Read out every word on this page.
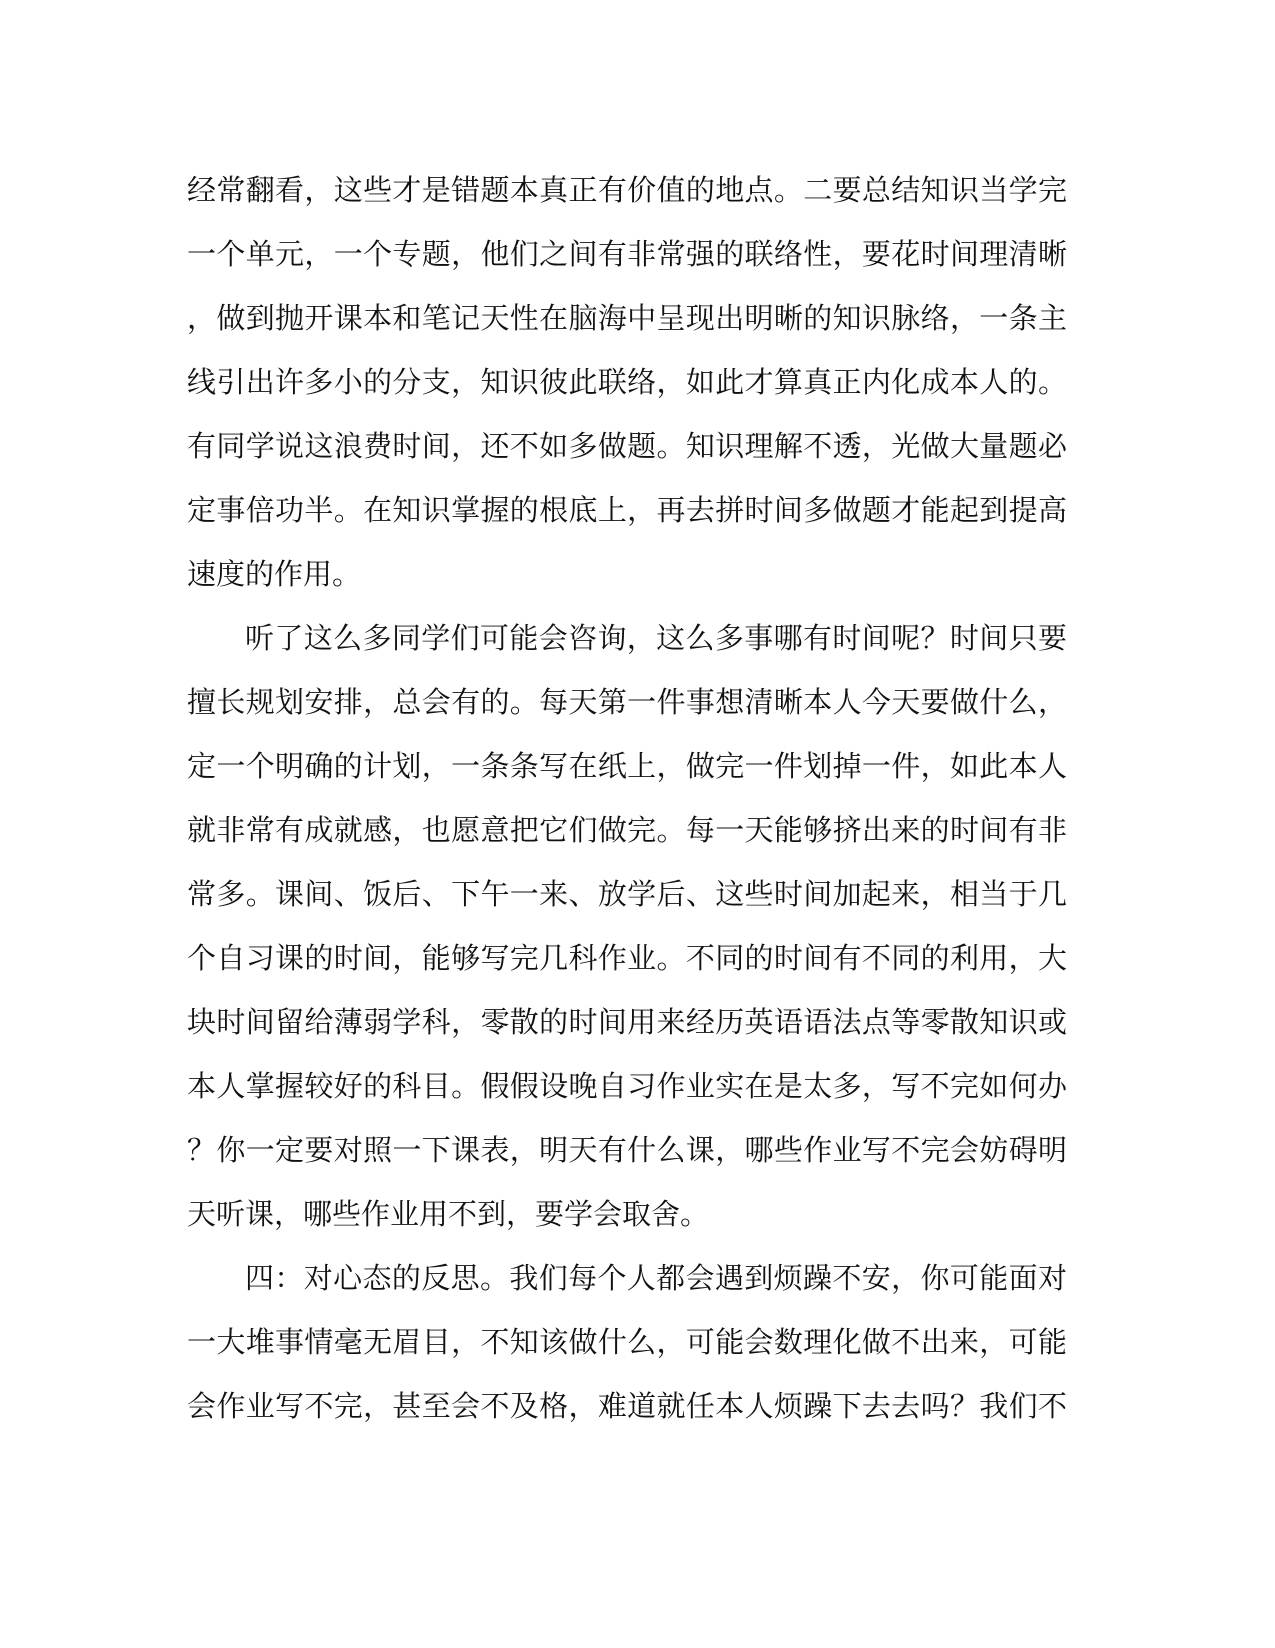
经常翻看，这些才是错题本真正有价值的地点。二要总结知识当学完
一个单元，一个专题，他们之间有非常强的联络性，要花时间理清晰
，做到抛开课本和笔记天性在脑海中呈现出明晰的知识脉络，一条主
线引出许多小的分支，知识彼此联络，如此才算真正内化成本人的。
有同学说这浪费时间，还不如多做题。知识理解不透，光做大量题必
定事倍功半。在知识掌握的根底上，再去拼时间多做题才能起到提高
速度的作用。
听了这么多同学们可能会咨询，这么多事哪有时间呢？时间只要
擅长规划安排，总会有的。每天第一件事想清晰本人今天要做什么，
定一个明确的计划，一条条写在纸上，做完一件划掉一件，如此本人
就非常有成就感，也愿意把它们做完。每一天能够挤出来的时间有非
常多。课间、饭后、下午一来、放学后、这些时间加起来，相当于几
个自习课的时间，能够写完几科作业。不同的时间有不同的利用，大
块时间留给薄弱学科，零散的时间用来经历英语语法点等零散知识或
本人掌握较好的科目。假假设晚自习作业实在是太多，写不完如何办
？你一定要对照一下课表，明天有什么课，哪些作业写不完会妨碍明
天听课，哪些作业用不到，要学会取舍。
四：对心态的反思。我们每个人都会遇到烦躁不安，你可能面对
一大堆事情毫无眉目，不知该做什么，可能会数理化做不出来，可能
会作业写不完，甚至会不及格，难道就任本人烦躁下去去吗？我们不
